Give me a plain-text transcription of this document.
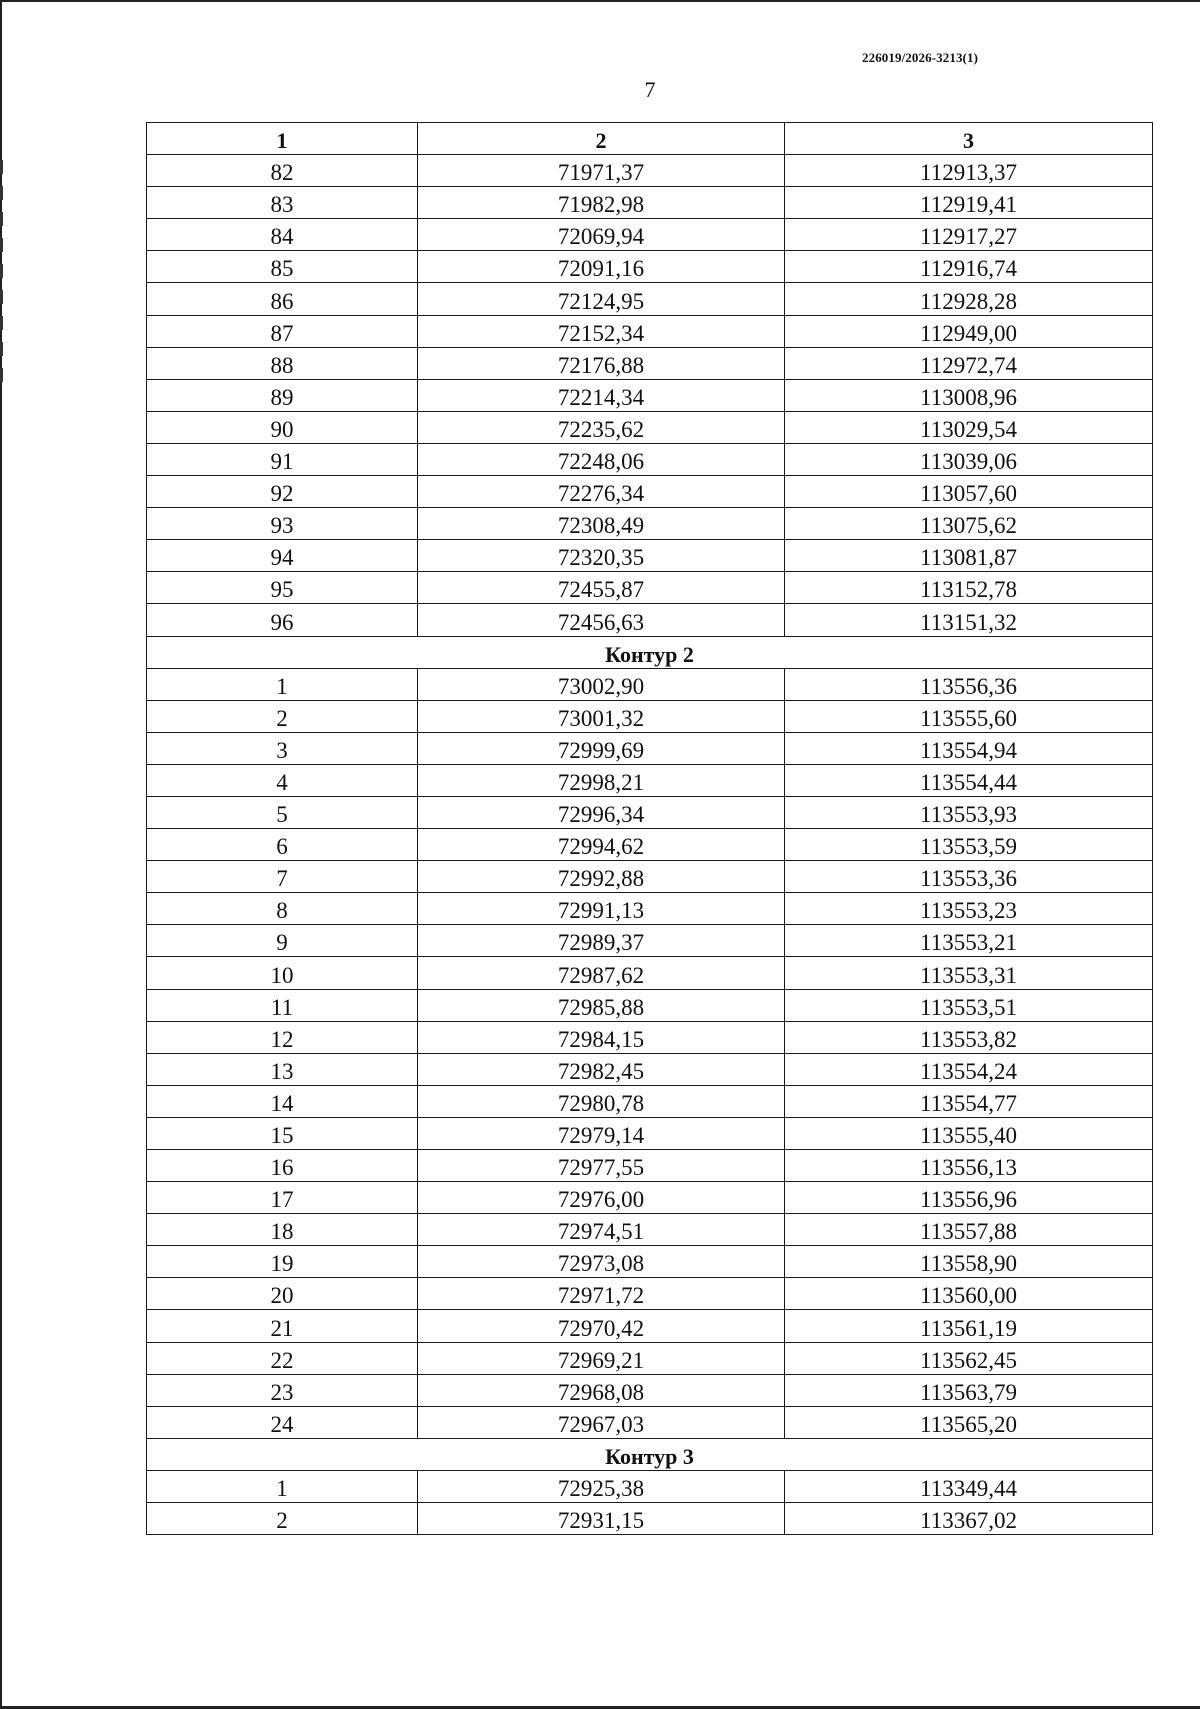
226019/2026-3213(1)
7
1	2	3
82	71971,37	112913,37
83	71982,98	112919,41
84	72069,94	112917,27
85	72091,16	112916,74
86	72124,95	112928,28
87	72152,34	112949,00
88	72176,88	112972,74
89	72214,34	113008,96
90	72235,62	113029,54
91	72248,06	113039,06
92	72276,34	113057,60
93	72308,49	113075,62
94	72320,35	113081,87
95	72455,87	113152,78
96	72456,63	113151,32
Контур 2		
1	73002,90	113556,36
2	73001,32	113555,60
3	72999,69	113554,94
4	72998,21	113554,44
5	72996,34	113553,93
6	72994,62	113553,59
7	72992,88	113553,36
8	72991,13	113553,23
9	72989,37	113553,21
10	72987,62	113553,31
11	72985,88	113553,51
12	72984,15	113553,82
13	72982,45	113554,24
14	72980,78	113554,77
15	72979,14	113555,40
16	72977,55	113556,13
17	72976,00	113556,96
18	72974,51	113557,88
19	72973,08	113558,90
20	72971,72	113560,00
21	72970,42	113561,19
22	72969,21	113562,45
23	72968,08	113563,79
24	72967,03	113565,20
Контур 3		
1	72925,38	113349,44
2	72931,15	113367,02
